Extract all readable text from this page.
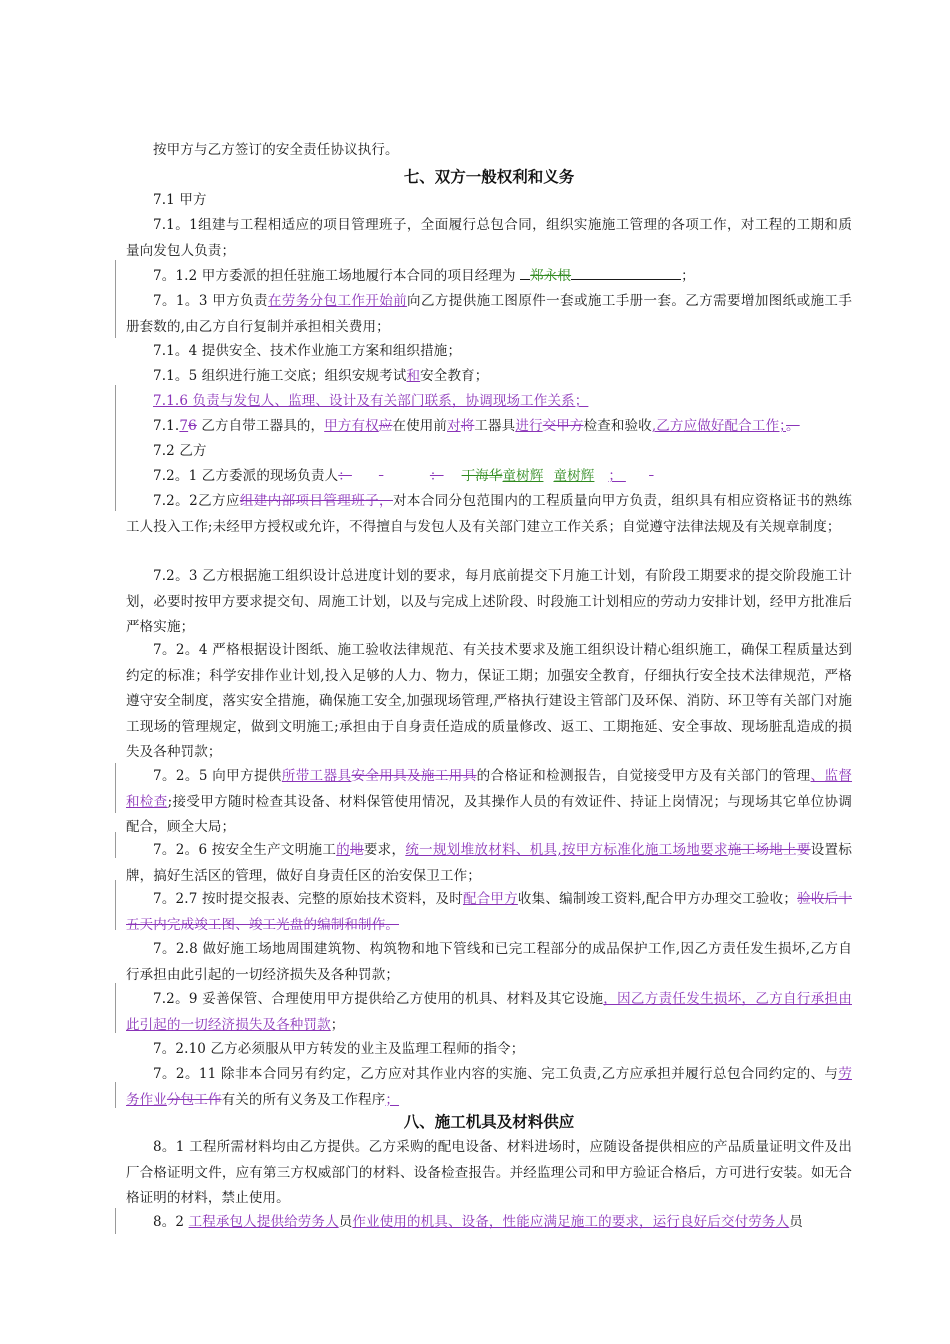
按甲方与乙方签订的安全责任协议执行。
七、双方一般权利和义务
7.1 甲方
7.1。1组建与工程相适应的项目管理班子，全面履行总包合同，组织实施施工管理的各项工作，对工程的工期和质量向发包人负责；
7。1.2 甲方委派的担任驻施工场地履行本合同的项目经理为 郑永根	；
7。1。3 甲方负责在劳务分包工作开始前向乙方提供施工图原件一套或施工手册一套。乙方需要增加图纸或施工手册套数的,由乙方自行复制并承担相关费用；
7.1。4 提供安全、技术作业施工方案和组织措施；
7.1。5 组织进行施工交底；组织安规考试和安全教育；
7.1.6 负责与发包人、监理、设计及有关部门联系，协调现场工作关系；
7.1.76 乙方自带工器具的，甲方有权应在使用前对将工器具进行交甲方检查和验收,乙方应做好配合工作；。
7.2 乙方
7.2。1 乙方委派的现场负责人：	： 丁海华童树辉 童树辉 ；
7.2。2乙方应组建内部项目管理班子，对本合同分包范围内的工程质量向甲方负责，组织具有相应资格证书的熟练工人投入工作;未经甲方授权或允许，不得擅自与发包人及有关部门建立工作关系；自觉遵守法律法规及有关规章制度；
7.2。3 乙方根据施工组织设计总进度计划的要求，每月底前提交下月施工计划，有阶段工期要求的提交阶段施工计划，必要时按甲方要求提交旬、周施工计划，以及与完成上述阶段、时段施工计划相应的劳动力安排计划，经甲方批准后严格实施；
7。2。4 严格根据设计图纸、施工验收法律规范、有关技术要求及施工组织设计精心组织施工，确保工程质量达到约定的标准；科学安排作业计划,投入足够的人力、物力，保证工期；加强安全教育，仔细执行安全技术法律规范，严格遵守安全制度，落实安全措施，确保施工安全,加强现场管理,严格执行建设主管部门及环保、消防、环卫等有关部门对施工现场的管理规定，做到文明施工;承担由于自身责任造成的质量修改、返工、工期拖延、安全事故、现场脏乱造成的损失及各种罚款；
7。2。5 向甲方提供所带工器具安全用具及施工用具的合格证和检测报告，自觉接受甲方及有关部门的管理、监督和检查;接受甲方随时检查其设备、材料保管使用情况，及其操作人员的有效证件、持证上岗情况；与现场其它单位协调配合，顾全大局；
7。2。6 按安全生产文明施工的地要求，统一规划堆放材料、机具,按甲方标准化施工场地要求施工场地上要设置标牌，搞好生活区的管理，做好自身责任区的治安保卫工作；
7。2.7 按时提交报表、完整的原始技术资料，及时配合甲方收集、编制竣工资料,配合甲方办理交工验收；验收后十五天内完成竣工图、竣工光盘的编制和制作。
7。2.8 做好施工场地周围建筑物、构筑物和地下管线和已完工程部分的成品保护工作,因乙方责任发生损坏,乙方自行承担由此引起的一切经济损失及各种罚款；
7.2。9 妥善保管、合理使用甲方提供给乙方使用的机具、材料及其它设施，因乙方责任发生损坏，乙方自行承担由此引起的一切经济损失及各种罚款；
7。2.10 乙方必须服从甲方转发的业主及监理工程师的指令；
7。2。11 除非本合同另有约定，乙方应对其作业内容的实施、完工负责,乙方应承担并履行总包合同约定的、与劳务作业分包工作有关的所有义务及工作程序；
八、施工机具及材料供应
8。1 工程所需材料均由乙方提供。乙方采购的配电设备、材料进场时，应随设备提供相应的产品质量证明文件及出厂合格证明文件，应有第三方权威部门的材料、设备检查报告。并经监理公司和甲方验证合格后，方可进行安装。如无合格证明的材料，禁止使用。
8。2 工程承包人提供给劳务人员作业使用的机具、设备，性能应满足施工的要求，运行良好后交付劳务人员
